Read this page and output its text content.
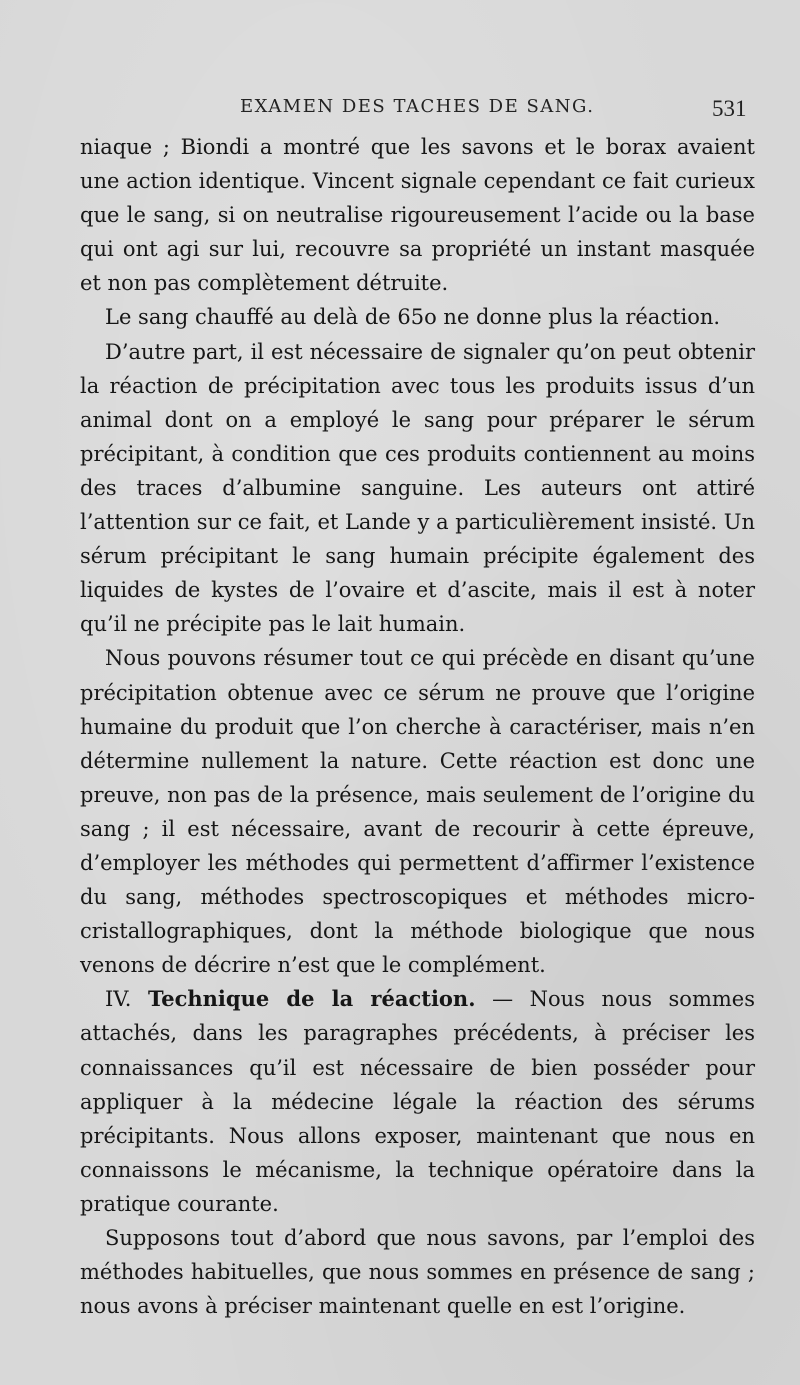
EXAMEN DES TACHES DE SANG.	531

niaque ; Biondi a montré que les savons et le borax avaient une action identique. Vincent signale cependant ce fait curieux que le sang, si on neutralise rigoureusement l’acide ou la base qui ont agi sur lui, recouvre sa propriété un instant masquée et non pas complètement détruite.

Le sang chauffé au delà de 65o ne donne plus la réaction.

D’autre part, il est nécessaire de signaler qu’on peut obtenir la réaction de précipitation avec tous les produits issus d’un animal dont on a employé le sang pour préparer le sérum précipitant, à condition que ces produits contiennent au moins des traces d’albumine sanguine. Les auteurs ont attiré l’attention sur ce fait, et Lande y a particulièrement insisté. Un sérum précipitant le sang humain précipite également des liquides de kystes de l’ovaire et d’ascite, mais il est à noter qu’il ne précipite pas le lait humain.

Nous pouvons résumer tout ce qui précède en disant qu’une précipitation obtenue avec ce sérum ne prouve que l’origine humaine du produit que l’on cherche à caractériser, mais n’en détermine nullement la nature. Cette réaction est donc une preuve, non pas de la présence, mais seulement de l’origine du sang ; il est nécessaire, avant de recourir à cette épreuve, d’employer les méthodes qui permettent d’affirmer l’existence du sang, méthodes spectroscopiques et méthodes micro-cristallographiques, dont la méthode biologique que nous venons de décrire n’est que le complément.

IV. Technique de la réaction. — Nous nous sommes attachés, dans les paragraphes précédents, à préciser les connaissances qu’il est nécessaire de bien posséder pour appliquer à la médecine légale la réaction des sérums précipitants. Nous allons exposer, maintenant que nous en connaissons le mécanisme, la technique opératoire dans la pratique courante.

Supposons tout d’abord que nous savons, par l’emploi des méthodes habituelles, que nous sommes en présence de sang ; nous avons à préciser maintenant quelle en est l’origine.
